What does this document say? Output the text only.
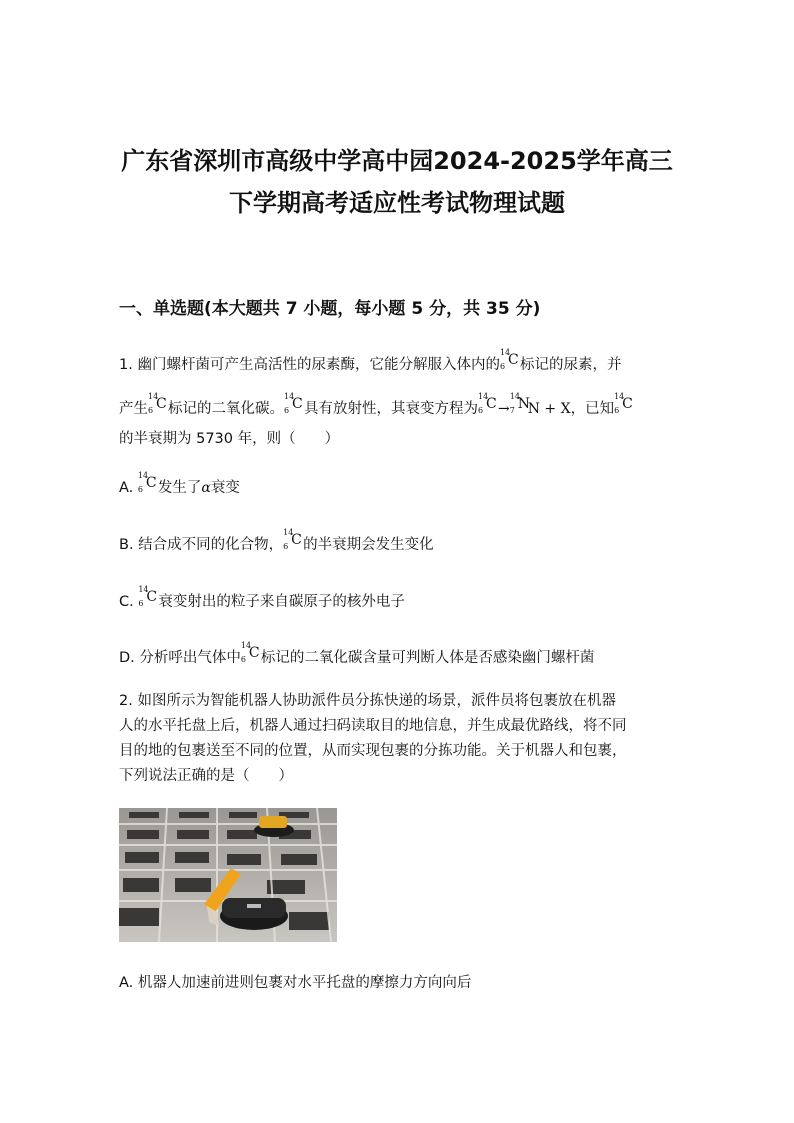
广东省深圳市高级中学高中园2024-2025学年高三
下学期高考适应性考试物理试题
一、单选题(本大题共 7 小题，每小题 5 分，共 35 分)
1. 幽门螺杆菌可产生高活性的尿素酶，它能分解服入体内的
14
6 C 标记的尿素，并
产生
14
6 C 标记的二氧化碳。
14
6 C 具有放射性，其衰变方程为
14
6 C →
14
7 N
N + X，已知
14
6 C
的半衰期为 5730 年，则（　　）
A.
14
6 C 发生了α衰变
B. 结合成不同的化合物，
14
6 C 的半衰期会发生变化
C.
14
6 C 衰变射出的粒子来自碳原子的核外电子
D. 分析呼出气体中
14
6 C 标记的二氧化碳含量可判断人体是否感染幽门螺杆菌
2. 如图所示为智能机器人协助派件员分拣快递的场景，派件员将包裹放在机器
人的水平托盘上后，机器人通过扫码读取目的地信息，并生成最优路线，将不同
目的地的包裹送至不同的位置，从而实现包裹的分拣功能。关于机器人和包裹，
下列说法正确的是（　　）
A. 机器人加速前进则包裹对水平托盘的摩擦力方向向后
